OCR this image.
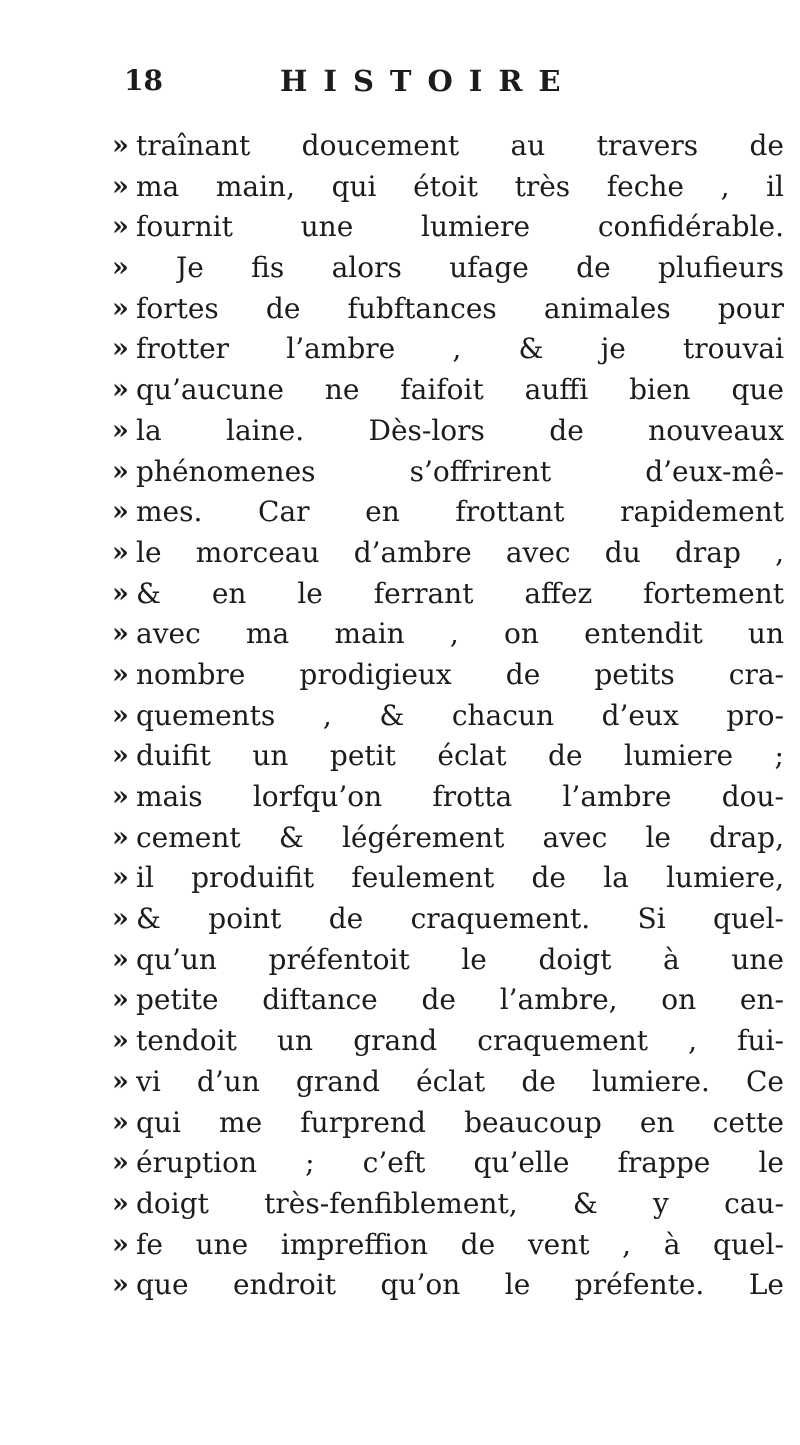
18	HISTOIRE
» traînant doucement au travers de
» ma main, qui étoit très feche , il
» fournit une lumiere confidérable.
» Je fis alors ufage de plufieurs
» fortes de fubftances animales pour
» frotter l’ambre , & je trouvai
» qu’aucune ne faifoit auffi bien que
» la laine. Dès-lors de nouveaux
» phénomenes s’offrirent d’eux-mê-
» mes. Car en frottant rapidement
» le morceau d’ambre avec du drap ,
» & en le ferrant affez fortement
» avec ma main , on entendit un
» nombre prodigieux de petits cra-
» quements , & chacun d’eux pro-
» duifit un petit éclat de lumiere ;
» mais lorfqu’on frotta l’ambre dou-
» cement & légérement avec le drap,
» il produifit feulement de la lumiere,
» & point de craquement. Si quel-
» qu’un préfentoit le doigt à une
» petite diftance de l’ambre, on en-
» tendoit un grand craquement , fui-
» vi d’un grand éclat de lumiere. Ce
» qui me furprend beaucoup en cette
» éruption ; c’eft qu’elle frappe le
» doigt très-fenfiblement, & y cau-
» fe une impreffion de vent , à quel-
» que endroit qu’on le préfente. Le
